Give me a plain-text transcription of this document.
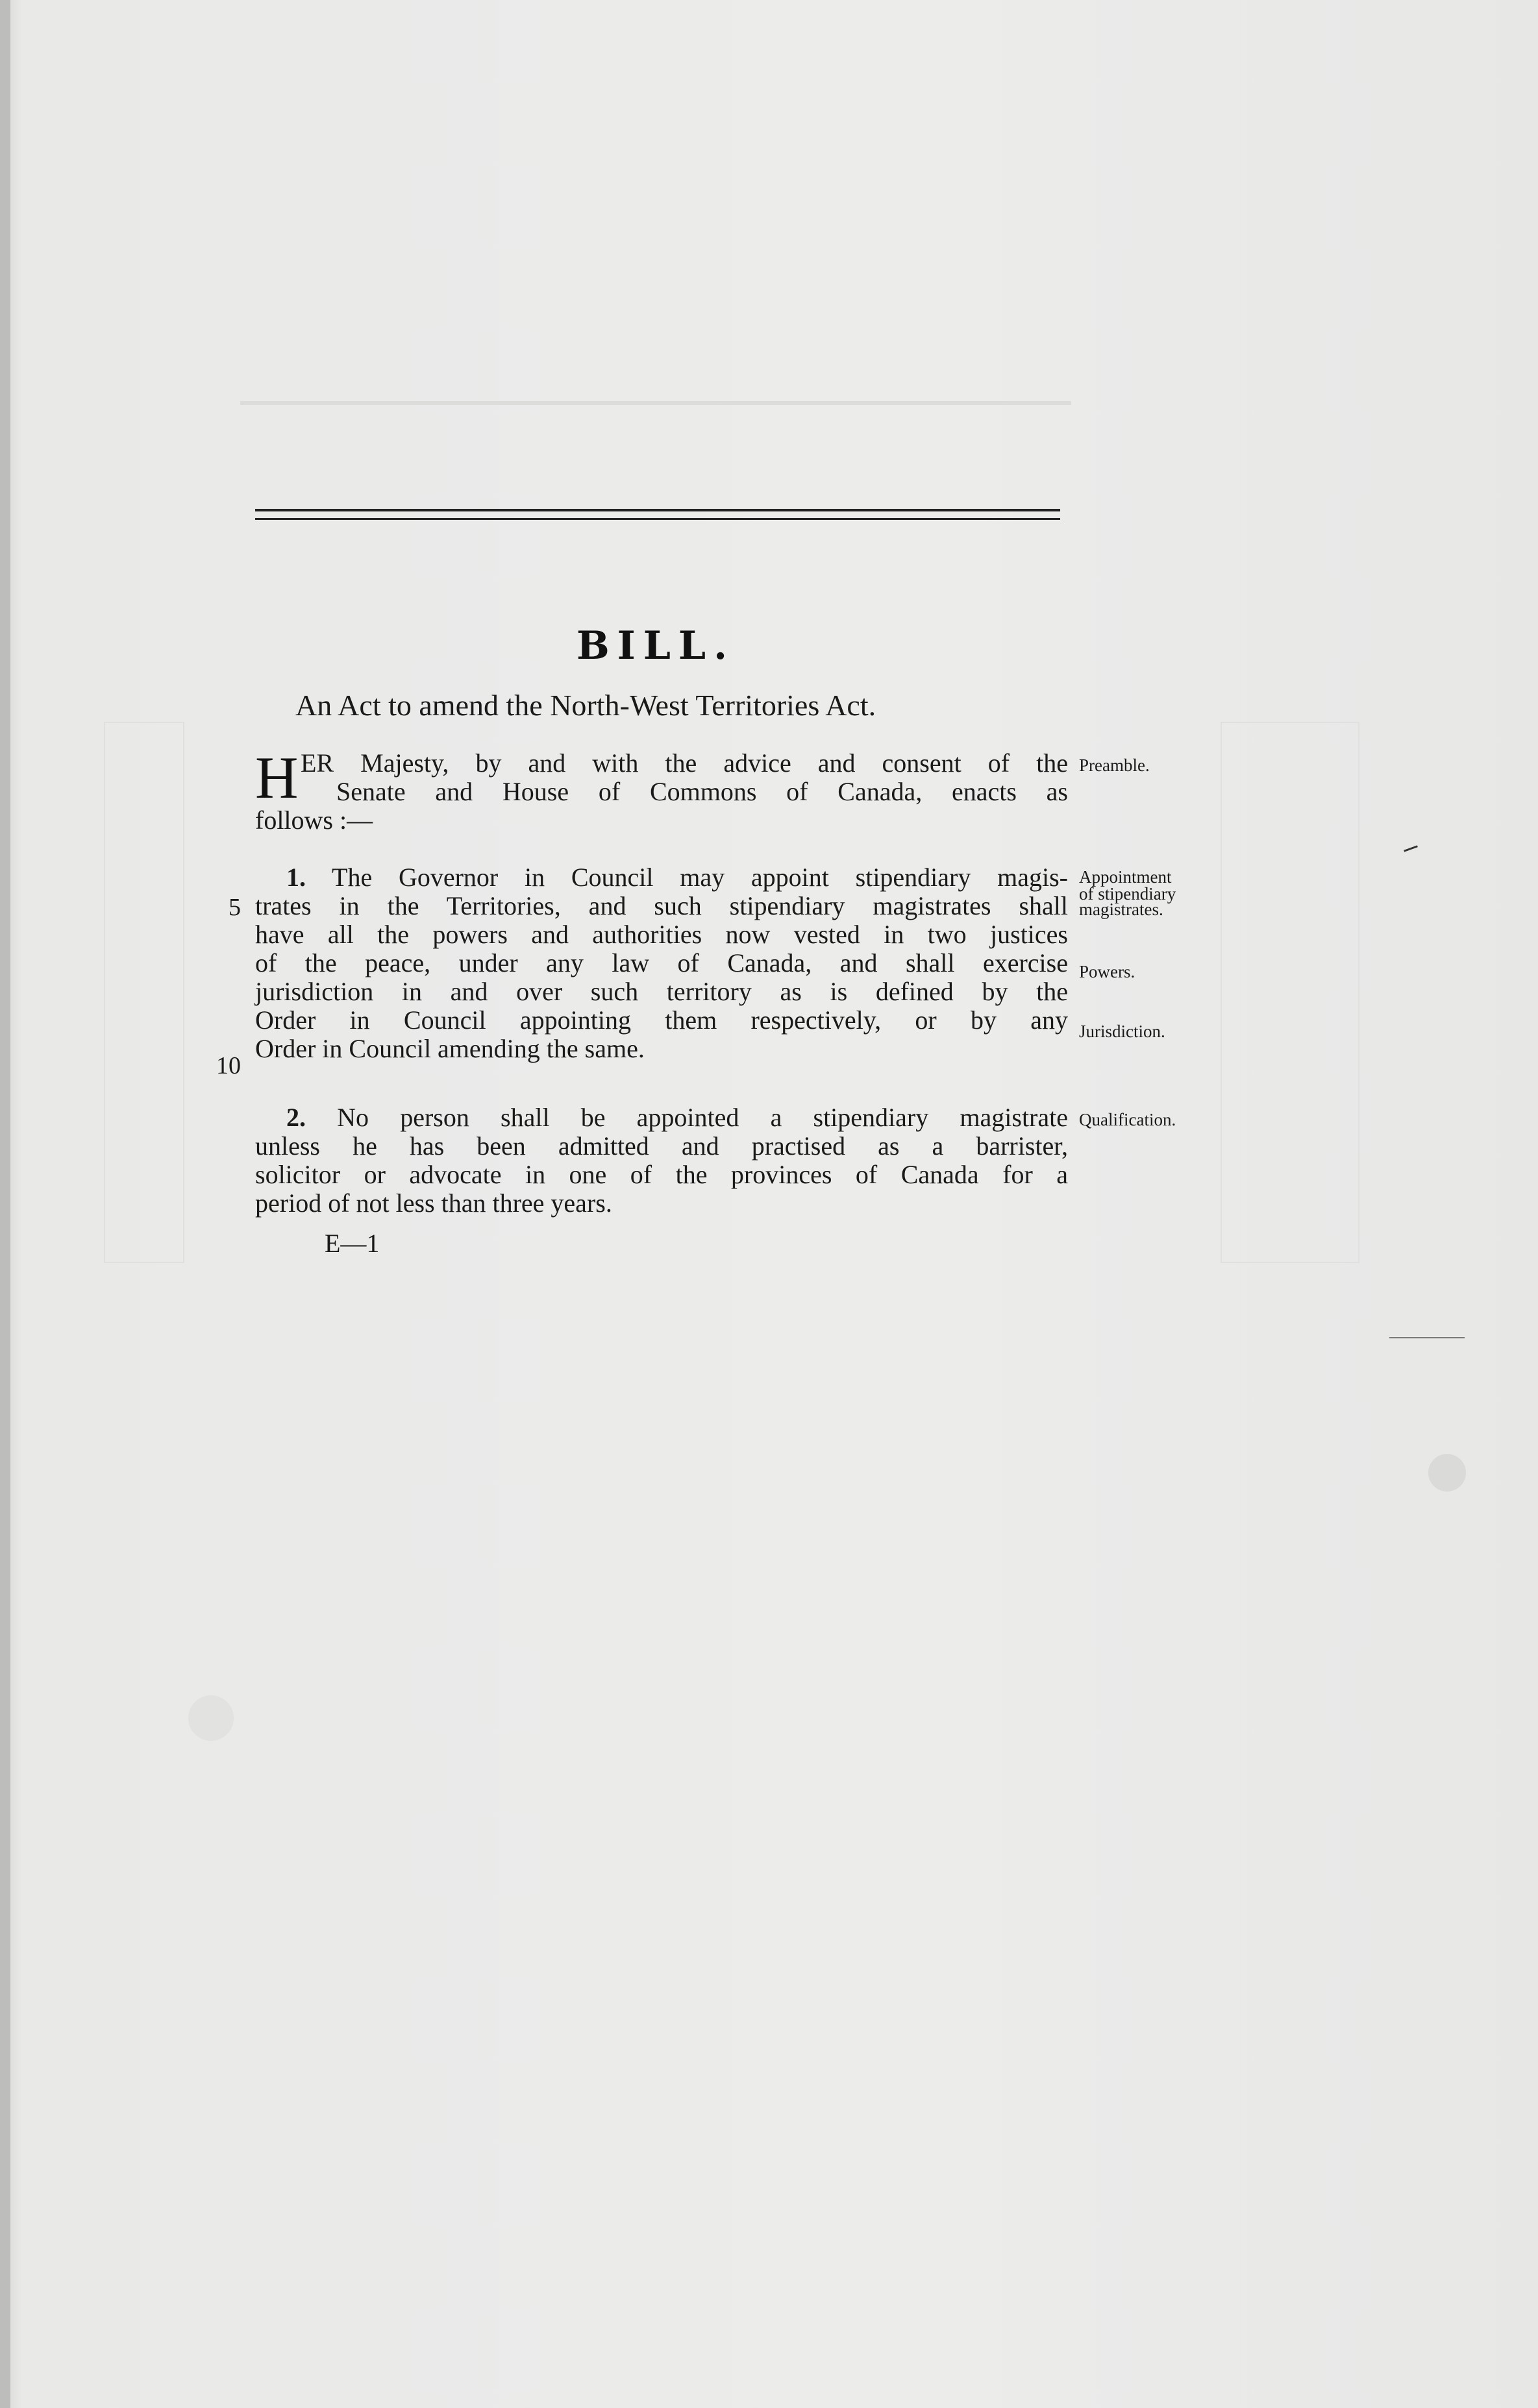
BILL.
An Act to amend the North-West Territories Act.
H ER Majesty, by and with the advice and consent of the
Senate and House of Commons of Canada, enacts as
follows :—
1. The Governor in Council may appoint stipendiary magis-
trates in the Territories, and such stipendiary magistrates shall
have all the powers and authorities now vested in two justices
of the peace, under any law of Canada, and shall exercise
jurisdiction in and over such territory as is defined by the
Order in Council appointing them respectively, or by any
Order in Council amending the same.
2. No person shall be appointed a stipendiary magistrate
unless he has been admitted and practised as a barrister,
solicitor or advocate in one of the provinces of Canada for a
period of not less than three years.
E—1
5
10
Preamble.
Appointment
of stipendiary
magistrates.
Powers.
Jurisdiction.
Qualification.
